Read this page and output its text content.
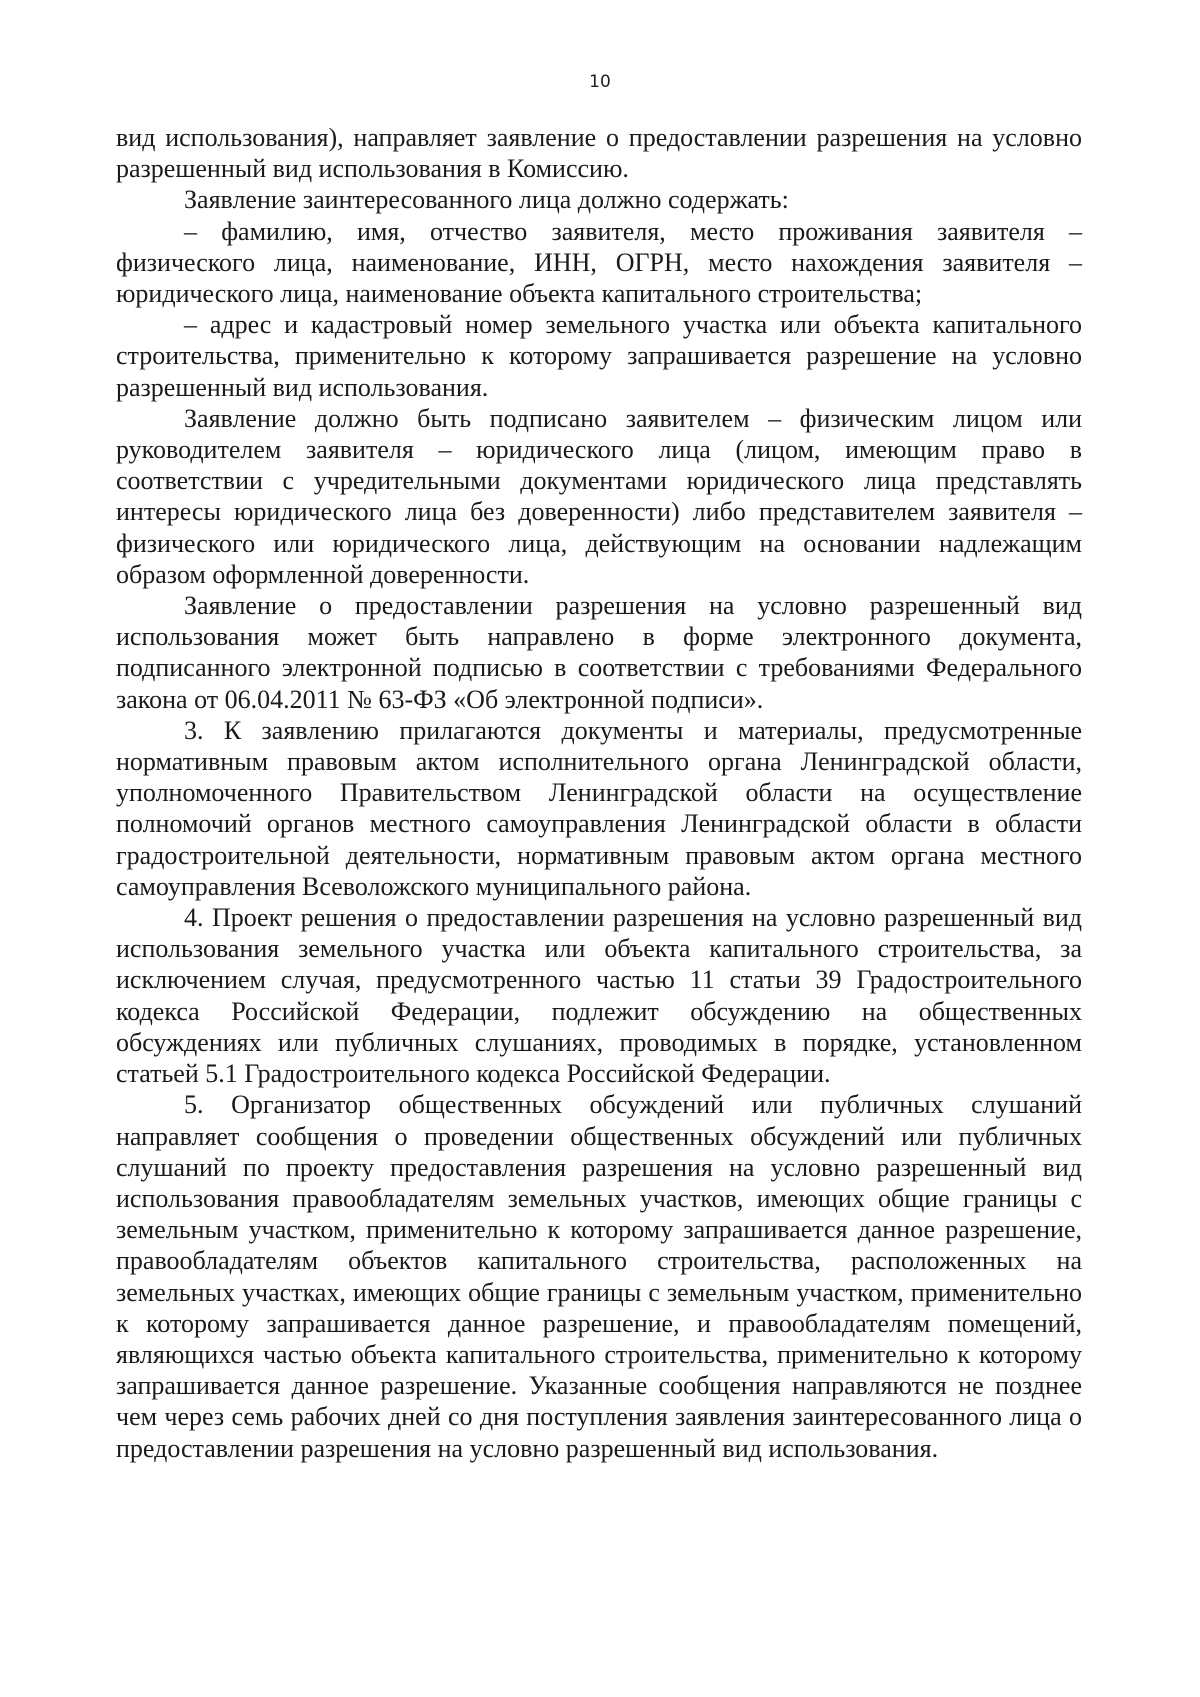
10

вид использования), направляет заявление о предоставлении разрешения на условно разрешенный вид использования в Комиссию.

Заявление заинтересованного лица должно содержать:

– фамилию, имя, отчество заявителя, место проживания заявителя – физического лица, наименование, ИНН, ОГРН, место нахождения заявителя – юридического лица, наименование объекта капитального строительства;

– адрес и кадастровый номер земельного участка или объекта капитального строительства, применительно к которому запрашивается разрешение на условно разрешенный вид использования.

Заявление должно быть подписано заявителем – физическим лицом или руководителем заявителя – юридического лица (лицом, имеющим право в соответствии с учредительными документами юридического лица представлять интересы юридического лица без доверенности) либо представителем заявителя – физического или юридического лица, действующим на основании надлежащим образом оформленной доверенности.

Заявление о предоставлении разрешения на условно разрешенный вид использования может быть направлено в форме электронного документа, подписанного электронной подписью в соответствии с требованиями Федерального закона от 06.04.2011 № 63-ФЗ «Об электронной подписи».

3. К заявлению прилагаются документы и материалы, предусмотренные нормативным правовым актом исполнительного органа Ленинградской области, уполномоченного Правительством Ленинградской области на осуществление полномочий органов местного самоуправления Ленинградской области в области градостроительной деятельности, нормативным правовым актом органа местного самоуправления Всеволожского муниципального района.

4. Проект решения о предоставлении разрешения на условно разрешенный вид использования земельного участка или объекта капитального строительства, за исключением случая, предусмотренного частью 11 статьи 39 Градостроительного кодекса Российской Федерации, подлежит обсуждению на общественных обсуждениях или публичных слушаниях, проводимых в порядке, установленном статьей 5.1 Градостроительного кодекса Российской Федерации.

5. Организатор общественных обсуждений или публичных слушаний направляет сообщения о проведении общественных обсуждений или публичных слушаний по проекту предоставления разрешения на условно разрешенный вид использования правообладателям земельных участков, имеющих общие границы с земельным участком, применительно к которому запрашивается данное разрешение, правообладателям объектов капитального строительства, расположенных на земельных участках, имеющих общие границы с земельным участком, применительно к которому запрашивается данное разрешение, и правообладателям помещений, являющихся частью объекта капитального строительства, применительно к которому запрашивается данное разрешение. Указанные сообщения направляются не позднее чем через семь рабочих дней со дня поступления заявления заинтересованного лица о предоставлении разрешения на условно разрешенный вид использования.
